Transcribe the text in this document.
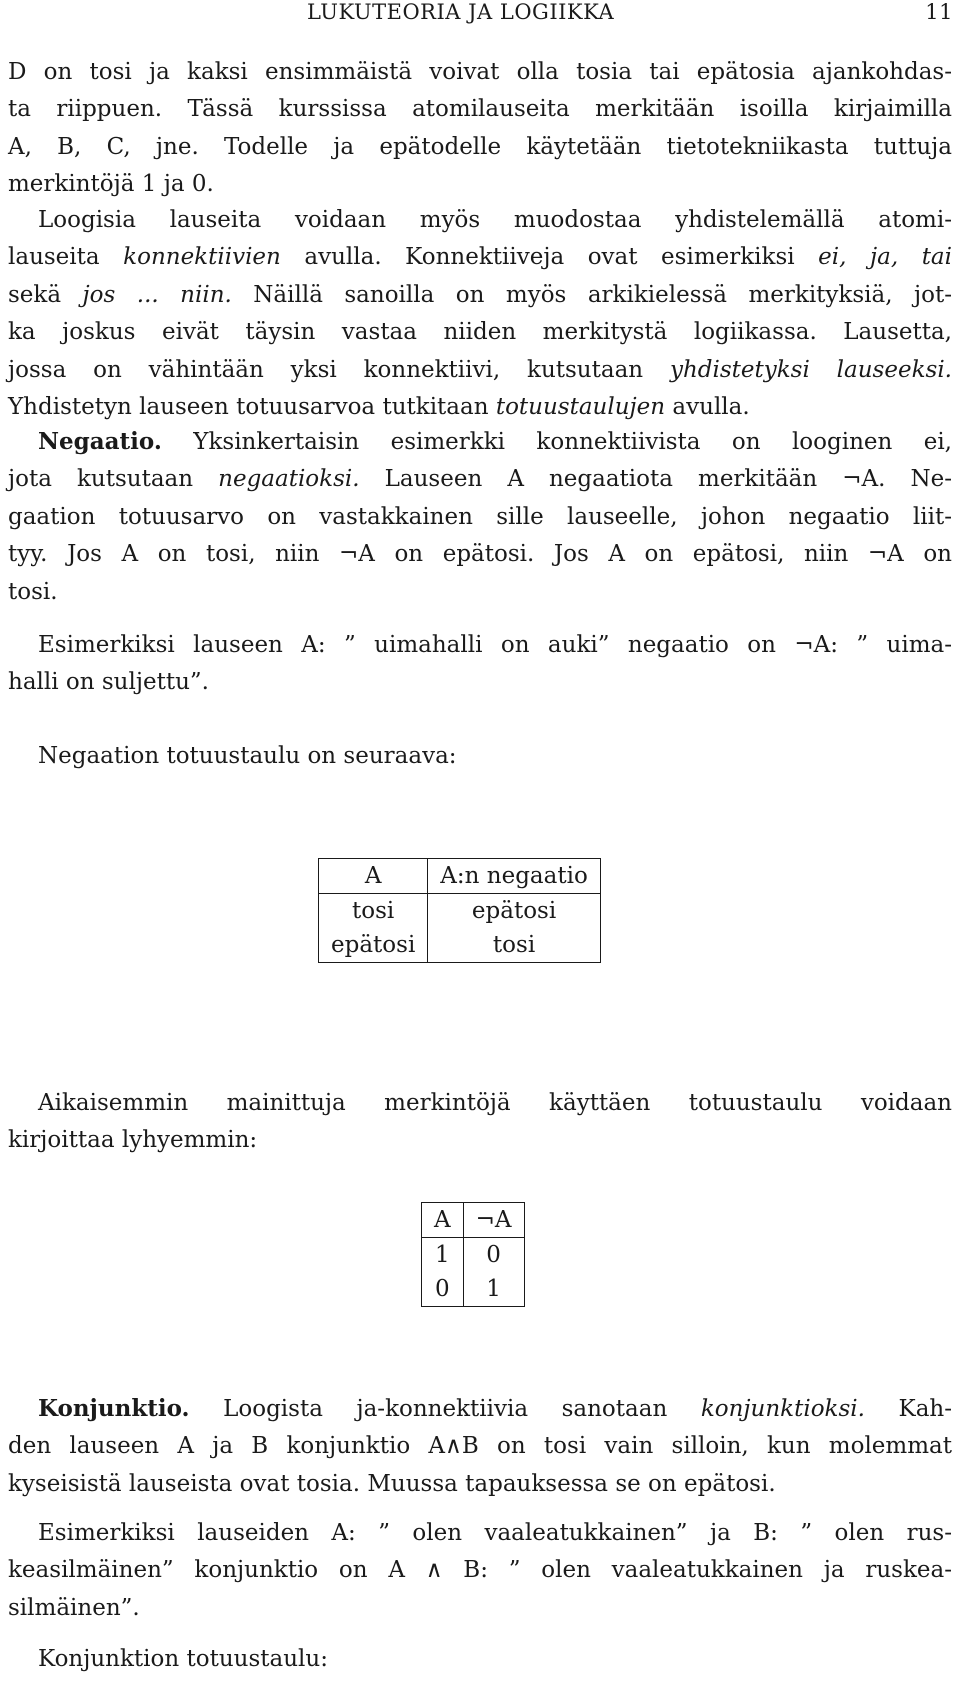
LUKUTEORIA JA LOGIIKKA	11
D on tosi ja kaksi ensimmäistä voivat olla tosia tai epätosia ajankohdas-
ta riippuen. Tässä kurssissa atomilauseita merkitään isoilla kirjaimilla
A, B, C, jne. Todelle ja epätodelle käytetään tietotekniikasta tuttuja
merkintöjä 1 ja 0.
Loogisia lauseita voidaan myös muodostaa yhdistelemällä atomi-
lauseita konnektiivien avulla. Konnektiiveja ovat esimerkiksi ei, ja, tai
sekä jos ... niin. Näillä sanoilla on myös arkikielessä merkityksiä, jot-
ka joskus eivät täysin vastaa niiden merkitystä logiikassa. Lausetta,
jossa on vähintään yksi konnektiivi, kutsutaan yhdistetyksi lauseeksi.
Yhdistetyn lauseen totuusarvoa tutkitaan totuustaulujen avulla.
Negaatio. Yksinkertaisin esimerkki konnektiivista on looginen ei,
jota kutsutaan negaatioksi. Lauseen A negaatiota merkitään ¬A. Ne-
gaation totuusarvo on vastakkainen sille lauseelle, johon negaatio liit-
tyy. Jos A on tosi, niin ¬A on epätosi. Jos A on epätosi, niin ¬A on
tosi.
Esimerkiksi lauseen A: ” uimahalli on auki” negaatio on ¬A: ” uima-
halli on suljettu”.
Negaation totuustaulu on seuraava:
A	A:n negaatio
tosi	epätosi
epätosi	tosi
Aikaisemmin mainittuja merkintöjä käyttäen totuustaulu voidaan
kirjoittaa lyhyemmin:
A	¬A
1	0
0	1
Konjunktio. Loogista ja-konnektiivia sanotaan konjunktioksi. Kah-
den lauseen A ja B konjunktio A∧B on tosi vain silloin, kun molemmat
kyseisistä lauseista ovat tosia. Muussa tapauksessa se on epätosi.
Esimerkiksi lauseiden A: ” olen vaaleatukkainen” ja B: ” olen rus-
keasilmäinen” konjunktio on A ∧ B: ” olen vaaleatukkainen ja ruskea-
silmäinen”.
Konjunktion totuustaulu:
